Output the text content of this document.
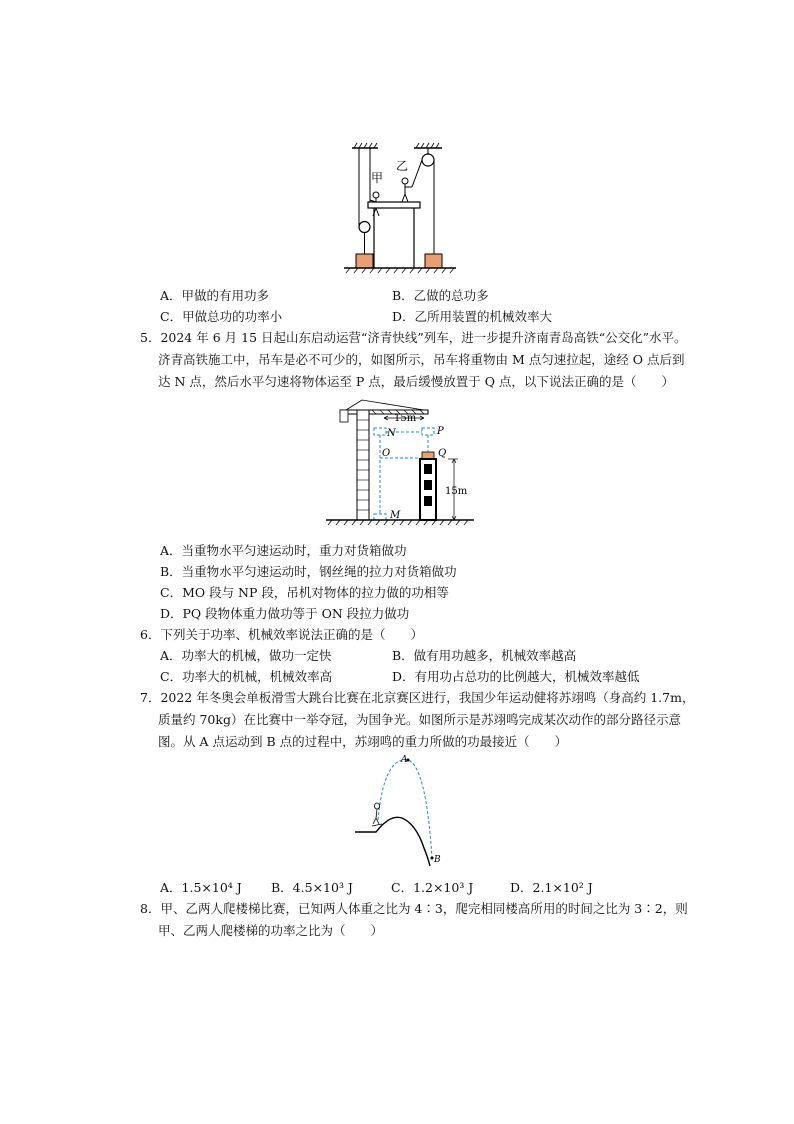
甲
乙
A．甲做的有用功多	B．乙做的总功多
C．甲做总功的功率小	D．乙所用装置的机械效率大
5．2024 年 6 月 15 日起山东启动运营“济青快线”列车，进一步提升济南青岛高铁“公交化”水平。
济青高铁施工中，吊车是必不可少的，如图所示，吊车将重物由 M 点匀速拉起，途经 O 点后到
达 N 点，然后水平匀速将物体运至 P 点，最后缓慢放置于 Q 点，以下说法正确的是（　　）
15m
N	P
O	Q
M
15m
A．当重物水平匀速运动时，重力对货箱做功
B．当重物水平匀速运动时，钢丝绳的拉力对货箱做功
C．MO 段与 NP 段，吊机对物体的拉力做的功相等
D．PQ 段物体重力做功等于 ON 段拉力做功
6．下列关于功率、机械效率说法正确的是（　　）
A．功率大的机械，做功一定快	B．做有用功越多，机械效率越高
C．功率大的机械，机械效率高	D．有用功占总功的比例越大，机械效率越低
7．2022 年冬奥会单板滑雪大跳台比赛在北京赛区进行，我国少年运动健将苏翊鸣（身高约 1.7m，
质量约 70kg）在比赛中一举夺冠，为国争光。如图所示是苏翊鸣完成某次动作的部分路径示意
图。从 A 点运动到 B 点的过程中，苏翊鸣的重力所做的功最接近（　　）
A
B
A．1.5×10⁴ J B．4.5×10³ J	C．1.2×10³ J	D．2.1×10² J
8．甲、乙两人爬楼梯比赛，已知两人体重之比为 4∶3，爬完相同楼高所用的时间之比为 3∶2，则
甲、乙两人爬楼梯的功率之比为（　　）
